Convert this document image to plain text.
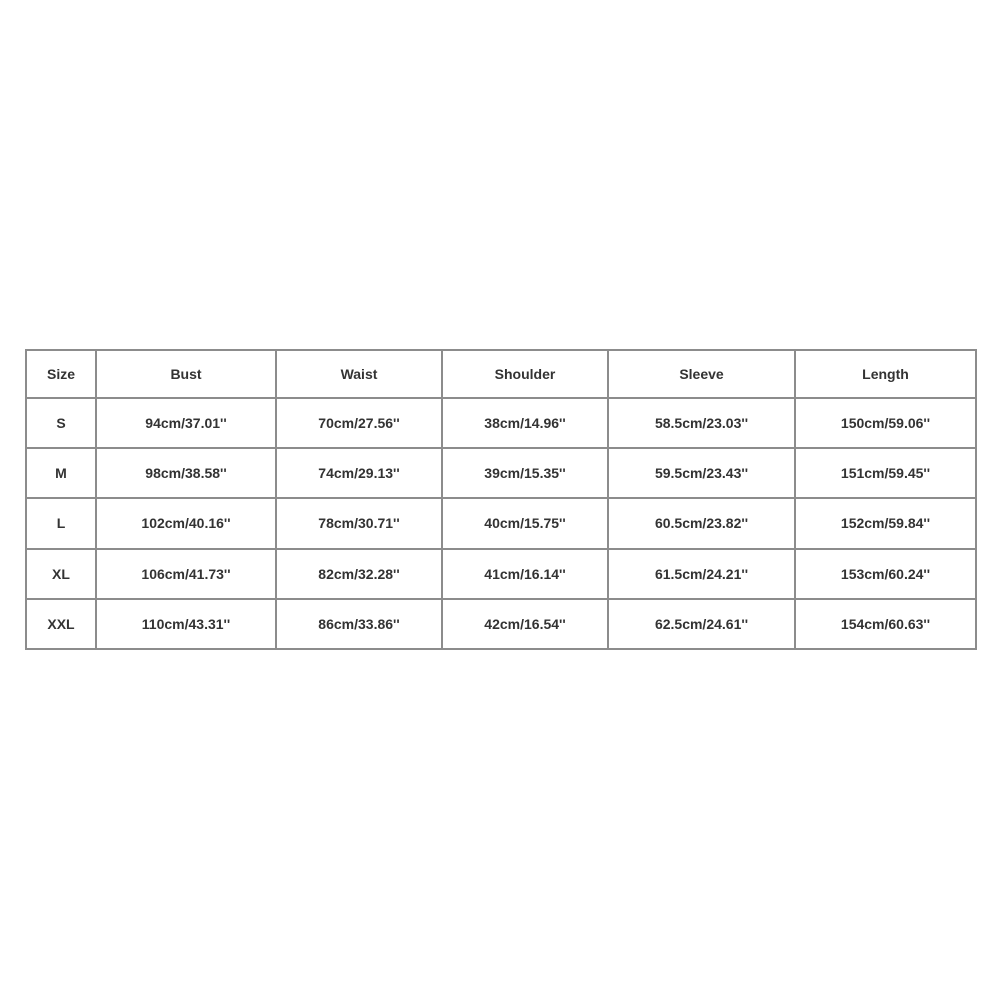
Size	Bust	Waist	Shoulder	Sleeve	Length
S	94cm/37.01''	70cm/27.56''	38cm/14.96''	58.5cm/23.03''	150cm/59.06''
M	98cm/38.58''	74cm/29.13''	39cm/15.35''	59.5cm/23.43''	151cm/59.45''
L	102cm/40.16''	78cm/30.71''	40cm/15.75''	60.5cm/23.82''	152cm/59.84''
XL	106cm/41.73''	82cm/32.28''	41cm/16.14''	61.5cm/24.21''	153cm/60.24''
XXL	110cm/43.31''	86cm/33.86''	42cm/16.54''	62.5cm/24.61''	154cm/60.63''
